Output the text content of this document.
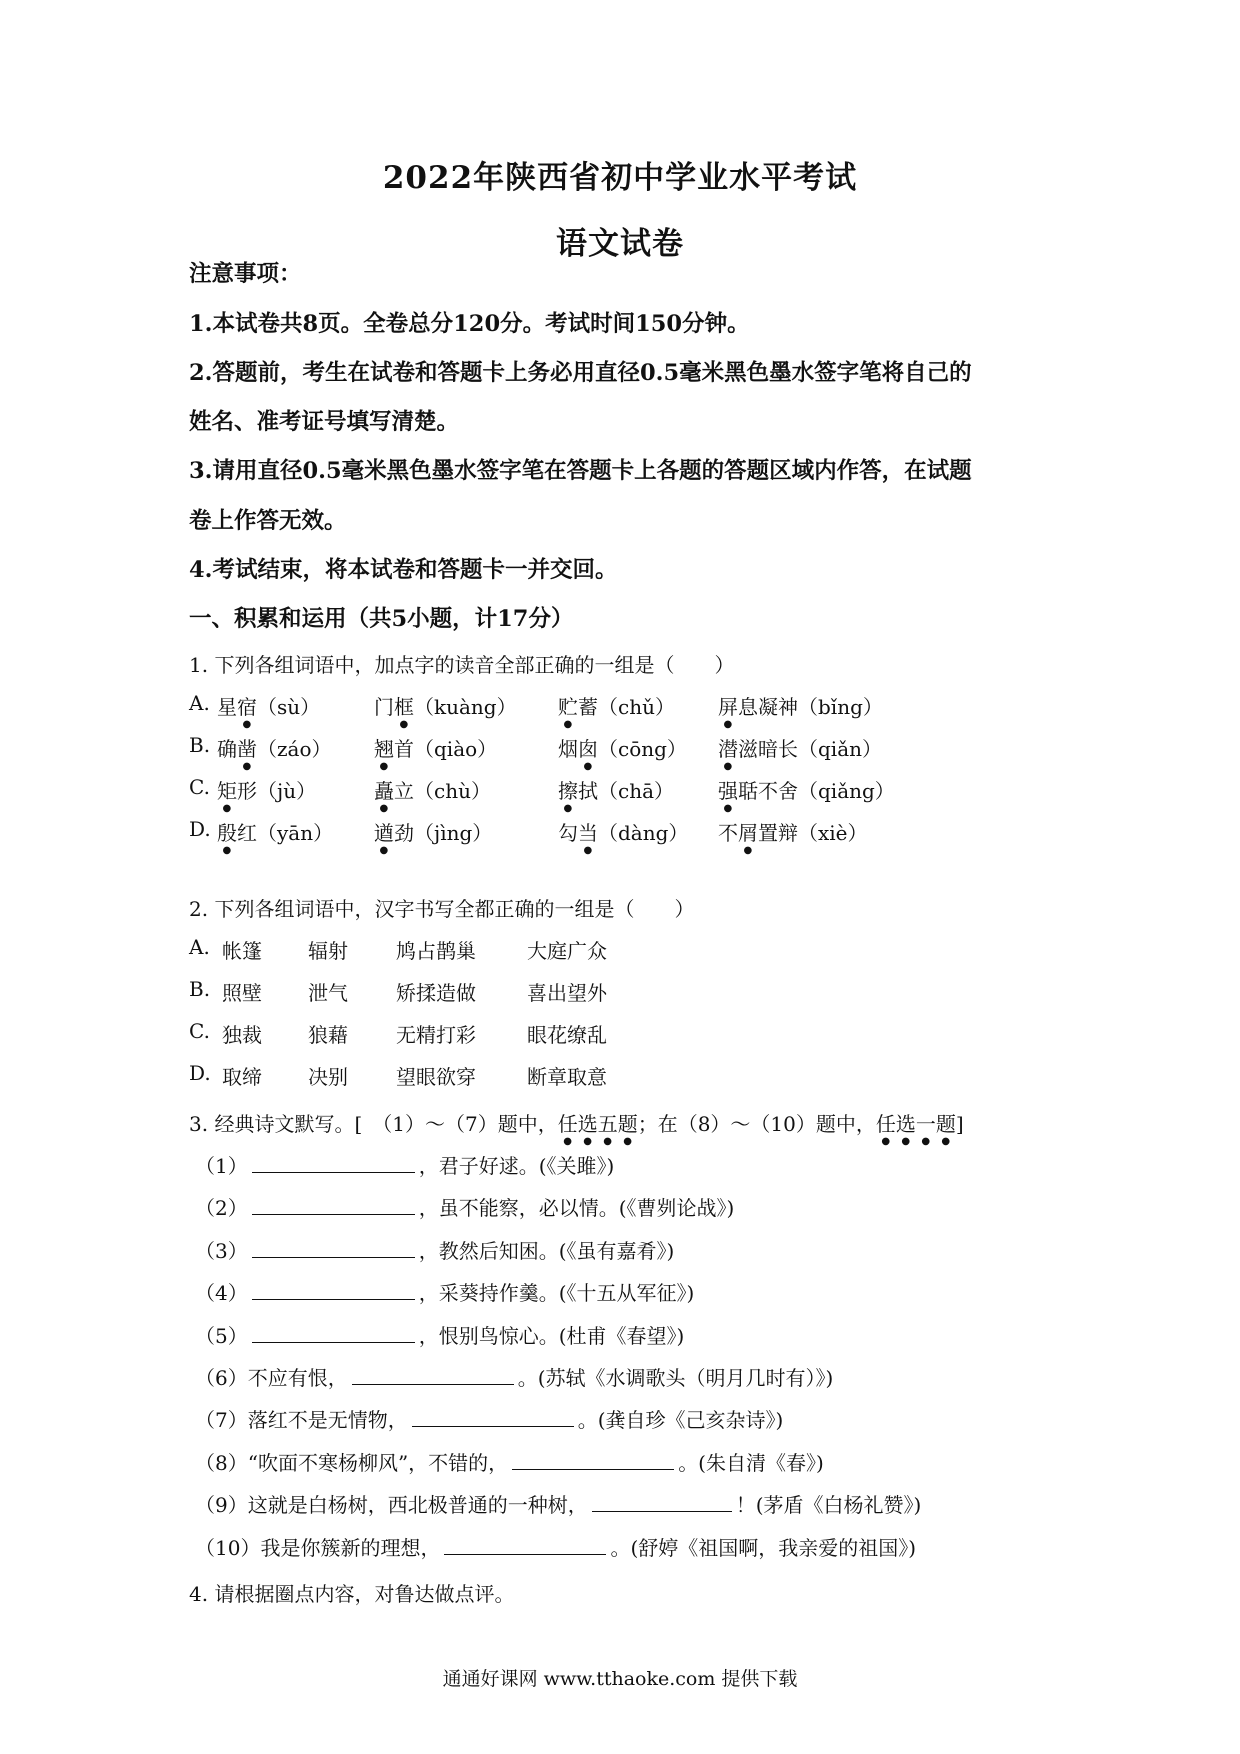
2022年陕西省初中学业水平考试
语文试卷
注意事项：
1.本试卷共8页。全卷总分120分。考试时间150分钟。
2.答题前，考生在试卷和答题卡上务必用直径0.5毫米黑色墨水签字笔将自己的
姓名、准考证号填写清楚。
3.请用直径0.5毫米黑色墨水签字笔在答题卡上各题的答题区域内作答，在试题
卷上作答无效。
4.考试结束，将本试卷和答题卡一并交回。
一、积累和运用（共5小题，计17分）
1. 下列各组词语中，加点字的读音全部正确的一组是（　　）
A. 星宿（sù）	门框（kuàng） 贮蓄（chǔ） 屏息凝神（bǐng）
B. 确凿（záo） 翘首（qiào）	烟囱（cōng） 潜滋暗长（qiǎn）
C. 矩形（jù）	矗立（chù）	擦拭（chā） 强聒不舍（qiǎng）
D. 殷红（yān） 遒劲（jìng）	勾当（dàng） 不屑置辩（xiè）
2. 下列各组词语中，汉字书写全都正确的一组是（　　）
A. 帐篷 辐射 鸠占鹊巢	大庭广众
B. 照壁 泄气 矫揉造做	喜出望外
C. 独裁 狼藉 无精打彩	眼花缭乱
D. 取缔 决别 望眼欲穿	断章取意
3. 经典诗文默写。[　（1）～（7）题中，任选五题；在（8）～（10）题中，任选一题]
（1）	，君子好逑。(《关雎》)
（2）	，虽不能察，必以情。(《曹刿论战》)
（3）	，教然后知困。(《虽有嘉肴》)
（4）	，采葵持作羹。(《十五从军征》)
（5）	，恨别鸟惊心。(杜甫《春望》)
（6）不应有恨，	。(苏轼《水调歌头（明月几时有）》)
（7）落红不是无情物，	。(龚自珍《己亥杂诗》)
（8）“吹面不寒杨柳风”，不错的，	。(朱自清《春》)
（9）这就是白杨树，西北极普通的一种树，	！(茅盾《白杨礼赞》)
（10）我是你簇新的理想，	。(舒婷《祖国啊，我亲爱的祖国》)
4. 请根据圈点内容，对鲁达做点评。
通通好课网 www.tthaoke.com 提供下载
